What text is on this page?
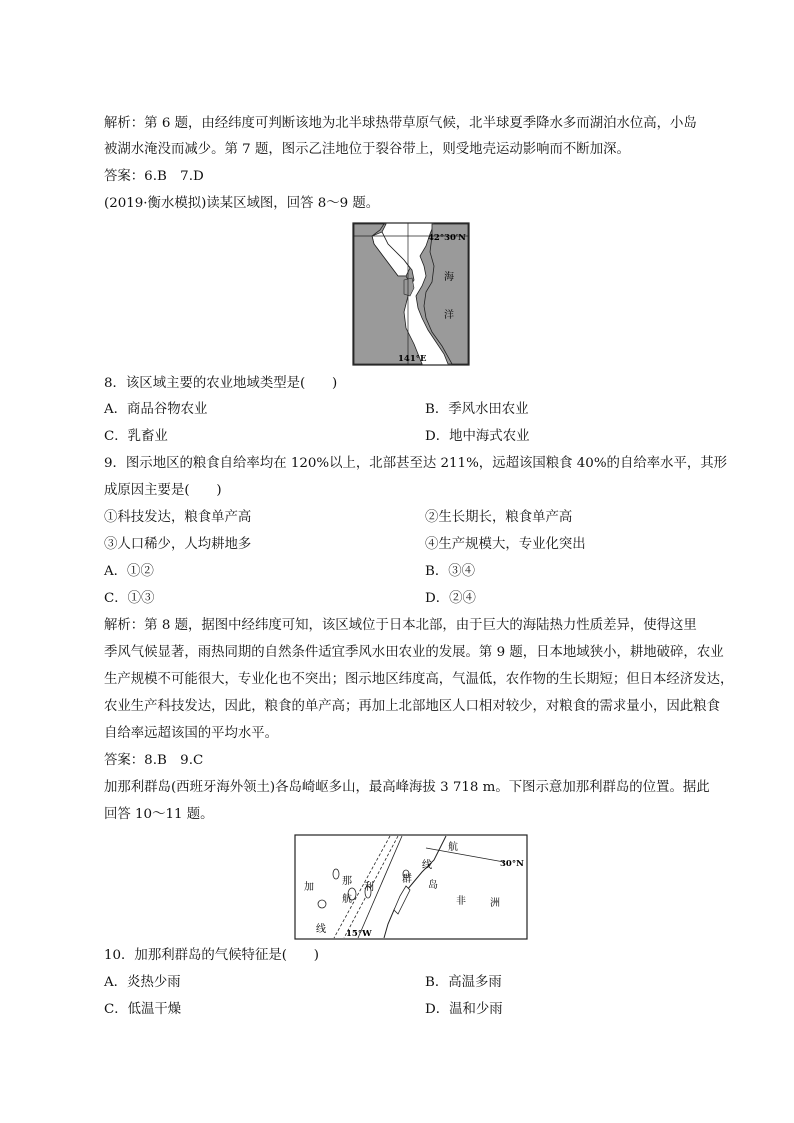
解析：第 6 题，由经纬度可判断该地为北半球热带草原气候，北半球夏季降水多而湖泊水位高，小岛
被湖水淹没而减少。第 7 题，图示乙洼地位于裂谷带上，则受地壳运动影响而不断加深。
答案：6.B　7.D
(2019·衡水模拟)读某区域图，回答 8～9 题。
42°30′N
141°E
海
洋
8．该区域主要的农业地域类型是(　　)
A．商品谷物农业	B．季风水田农业
C．乳畜业	D．地中海式农业
9．图示地区的粮食自给率均在 120%以上，北部甚至达 211%，远超该国粮食 40%的自给率水平，其形
成原因主要是(　　)
①科技发达，粮食单产高	②生长期长，粮食单产高
③人口稀少，人均耕地多	④生产规模大，专业化突出
A．①②	B．③④
C．①③	D．②④
解析：第 8 题，据图中经纬度可知，该区域位于日本北部，由于巨大的海陆热力性质差异，使得这里
季风气候显著，雨热同期的自然条件适宜季风水田农业的发展。第 9 题，日本地域狭小，耕地破碎，农业
生产规模不可能很大，专业化也不突出；图示地区纬度高，气温低，农作物的生长期短；但日本经济发达，
农业生产科技发达，因此，粮食的单产高；再加上北部地区人口相对较少，对粮食的需求量小，因此粮食
自给率远超该国的平均水平。
答案：8.B　9.C
加那利群岛(西班牙海外领土)各岛崎岖多山，最高峰海拔 3 718 m。下图示意加那利群岛的位置。据此
回答 10～11 题。
加
那
利
航
线
群
岛
航
线	30°N
15°W
非 洲
10．加那利群岛的气候特征是(　　)
A．炎热少雨	B．高温多雨
C．低温干燥	D．温和少雨
